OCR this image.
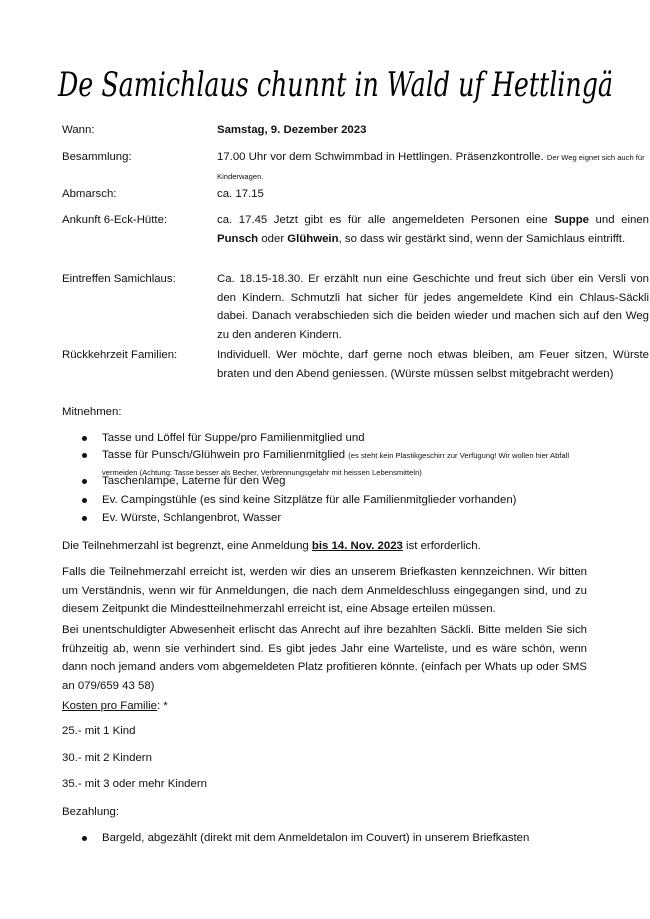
De Samichlaus chunnt in Wald uf Hettlingä
Wann:	Samstag, 9. Dezember 2023
Besammlung:	17.00 Uhr vor dem Schwimmbad in Hettlingen. Präsenzkontrolle. Der Weg eignet sich auch für Kinderwagen.
Abmarsch:	ca. 17.15
Ankunft 6-Eck-Hütte:	ca. 17.45 Jetzt gibt es für alle angemeldeten Personen eine Suppe und einen Punsch oder Glühwein, so dass wir gestärkt sind, wenn der Samichlaus eintrifft.
Eintreffen Samichlaus:	Ca. 18.15-18.30. Er erzählt nun eine Geschichte und freut sich über ein Versli von den Kindern. Schmutzli hat sicher für jedes angemeldete Kind ein Chlaus-Säckli dabei. Danach verabschieden sich die beiden wieder und machen sich auf den Weg zu den anderen Kindern.
Rückkehrzeit Familien:	Individuell. Wer möchte, darf gerne noch etwas bleiben, am Feuer sitzen, Würste braten und den Abend geniessen. (Würste müssen selbst mitgebracht werden)
Mitnehmen:
Tasse und Löffel für Suppe/pro Familienmitglied und
Tasse für Punsch/Glühwein pro Familienmitglied (es steht kein Plastikgeschirr zur Verfügung! Wir wollen hier Abfall vermeiden (Achtung: Tasse besser als Becher, Verbrennungsgefahr mit heissen Lebensmitteln)
Taschenlampe, Laterne für den Weg
Ev. Campingstühle (es sind keine Sitzplätze für alle Familienmitglieder vorhanden)
Ev. Würste, Schlangenbrot, Wasser
Die Teilnehmerzahl ist begrenzt, eine Anmeldung bis 14. Nov. 2023 ist erforderlich.
Falls die Teilnehmerzahl erreicht ist, werden wir dies an unserem Briefkasten kennzeichnen. Wir bitten um Verständnis, wenn wir für Anmeldungen, die nach dem Anmeldeschluss eingegangen sind, und zu diesem Zeitpunkt die Mindestteilnehmerzahl erreicht ist, eine Absage erteilen müssen.
Bei unentschuldigter Abwesenheit erlischt das Anrecht auf ihre bezahlten Säckli. Bitte melden Sie sich frühzeitig ab, wenn sie verhindert sind. Es gibt jedes Jahr eine Warteliste, und es wäre schön, wenn dann noch jemand anders vom abgemeldeten Platz profitieren könnte. (einfach per Whats up oder SMS an 079/659 43 58)
Kosten pro Familie: *
25.- mit 1 Kind
30.- mit 2 Kindern
35.- mit 3 oder mehr Kindern
Bezahlung:
Bargeld, abgezählt (direkt mit dem Anmeldetalon im Couvert) in unserem Briefkasten
